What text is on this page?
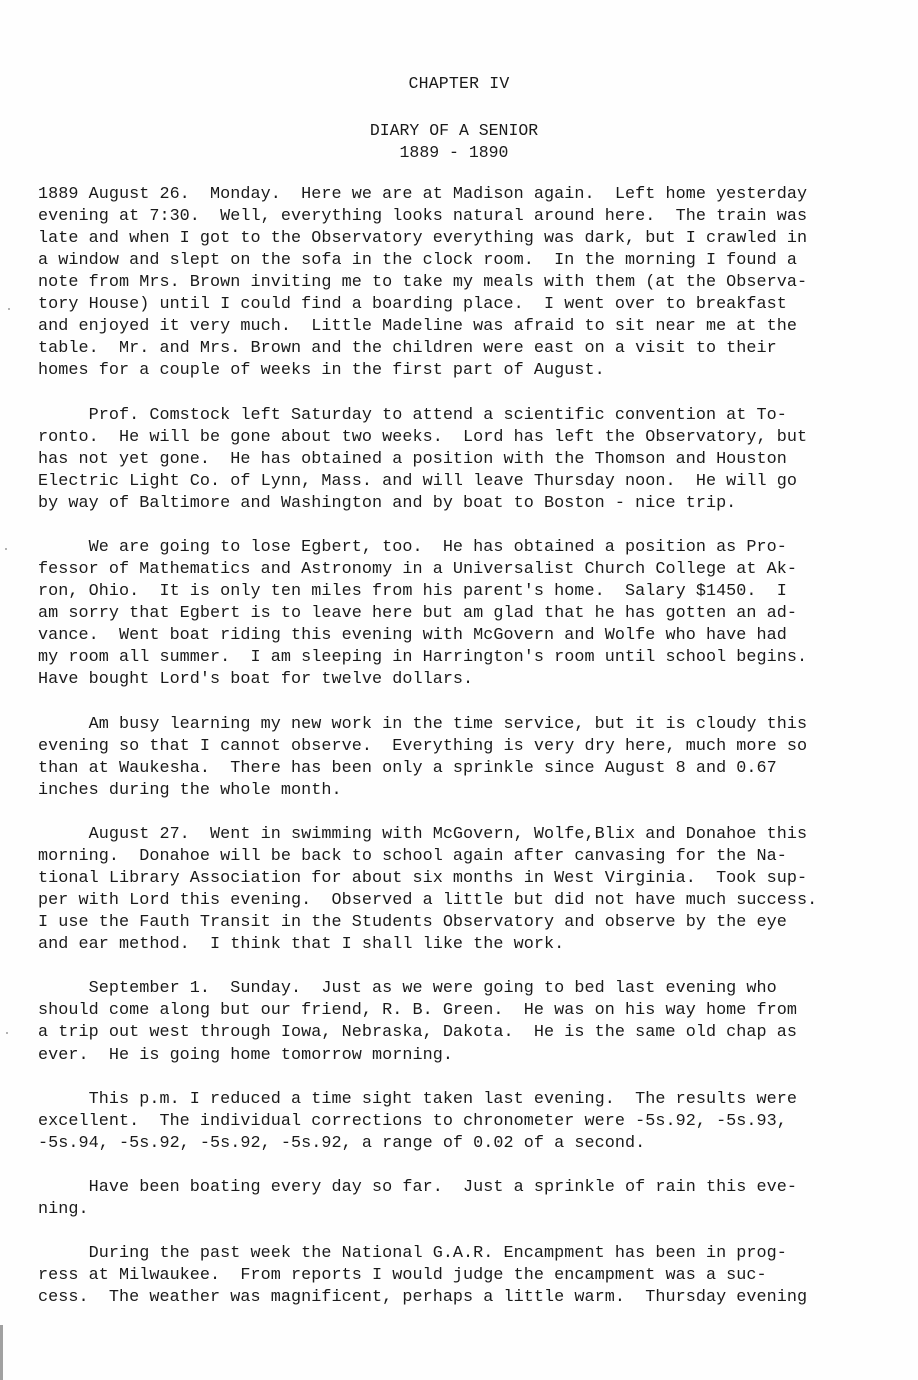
CHAPTER IV
DIARY OF A SENIOR
1889 - 1890
1889 August 26.  Monday.  Here we are at Madison again.  Left home yesterday
evening at 7:30.  Well, everything looks natural around here.  The train was
late and when I got to the Observatory everything was dark, but I crawled in
a window and slept on the sofa in the clock room.  In the morning I found a
note from Mrs. Brown inviting me to take my meals with them (at the Observa-
tory House) until I could find a boarding place.  I went over to breakfast
and enjoyed it very much.  Little Madeline was afraid to sit near me at the
table.  Mr. and Mrs. Brown and the children were east on a visit to their
homes for a couple of weeks in the first part of August.
Prof. Comstock left Saturday to attend a scientific convention at To-
ronto.  He will be gone about two weeks.  Lord has left the Observatory, but
has not yet gone.  He has obtained a position with the Thomson and Houston
Electric Light Co. of Lynn, Mass. and will leave Thursday noon.  He will go
by way of Baltimore and Washington and by boat to Boston - nice trip.
We are going to lose Egbert, too.  He has obtained a position as Pro-
fessor of Mathematics and Astronomy in a Universalist Church College at Ak-
ron, Ohio.  It is only ten miles from his parent's home.  Salary $1450.  I
am sorry that Egbert is to leave here but am glad that he has gotten an ad-
vance.  Went boat riding this evening with McGovern and Wolfe who have had
my room all summer.  I am sleeping in Harrington's room until school begins.
Have bought Lord's boat for twelve dollars.
Am busy learning my new work in the time service, but it is cloudy this
evening so that I cannot observe.  Everything is very dry here, much more so
than at Waukesha.  There has been only a sprinkle since August 8 and 0.67
inches during the whole month.
August 27.  Went in swimming with McGovern, Wolfe,Blix and Donahoe this
morning.  Donahoe will be back to school again after canvasing for the Na-
tional Library Association for about six months in West Virginia.  Took sup-
per with Lord this evening.  Observed a little but did not have much success.
I use the Fauth Transit in the Students Observatory and observe by the eye
and ear method.  I think that I shall like the work.
September 1.  Sunday.  Just as we were going to bed last evening who
should come along but our friend, R. B. Green.  He was on his way home from
a trip out west through Iowa, Nebraska, Dakota.  He is the same old chap as
ever.  He is going home tomorrow morning.
This p.m. I reduced a time sight taken last evening.  The results were
excellent.  The individual corrections to chronometer were -5s.92, -5s.93,
-5s.94, -5s.92, -5s.92, -5s.92, a range of 0.02 of a second.
Have been boating every day so far.  Just a sprinkle of rain this eve-
ning.
During the past week the National G.A.R. Encampment has been in prog-
ress at Milwaukee.  From reports I would judge the encampment was a suc-
cess.  The weather was magnificent, perhaps a little warm.  Thursday evening
